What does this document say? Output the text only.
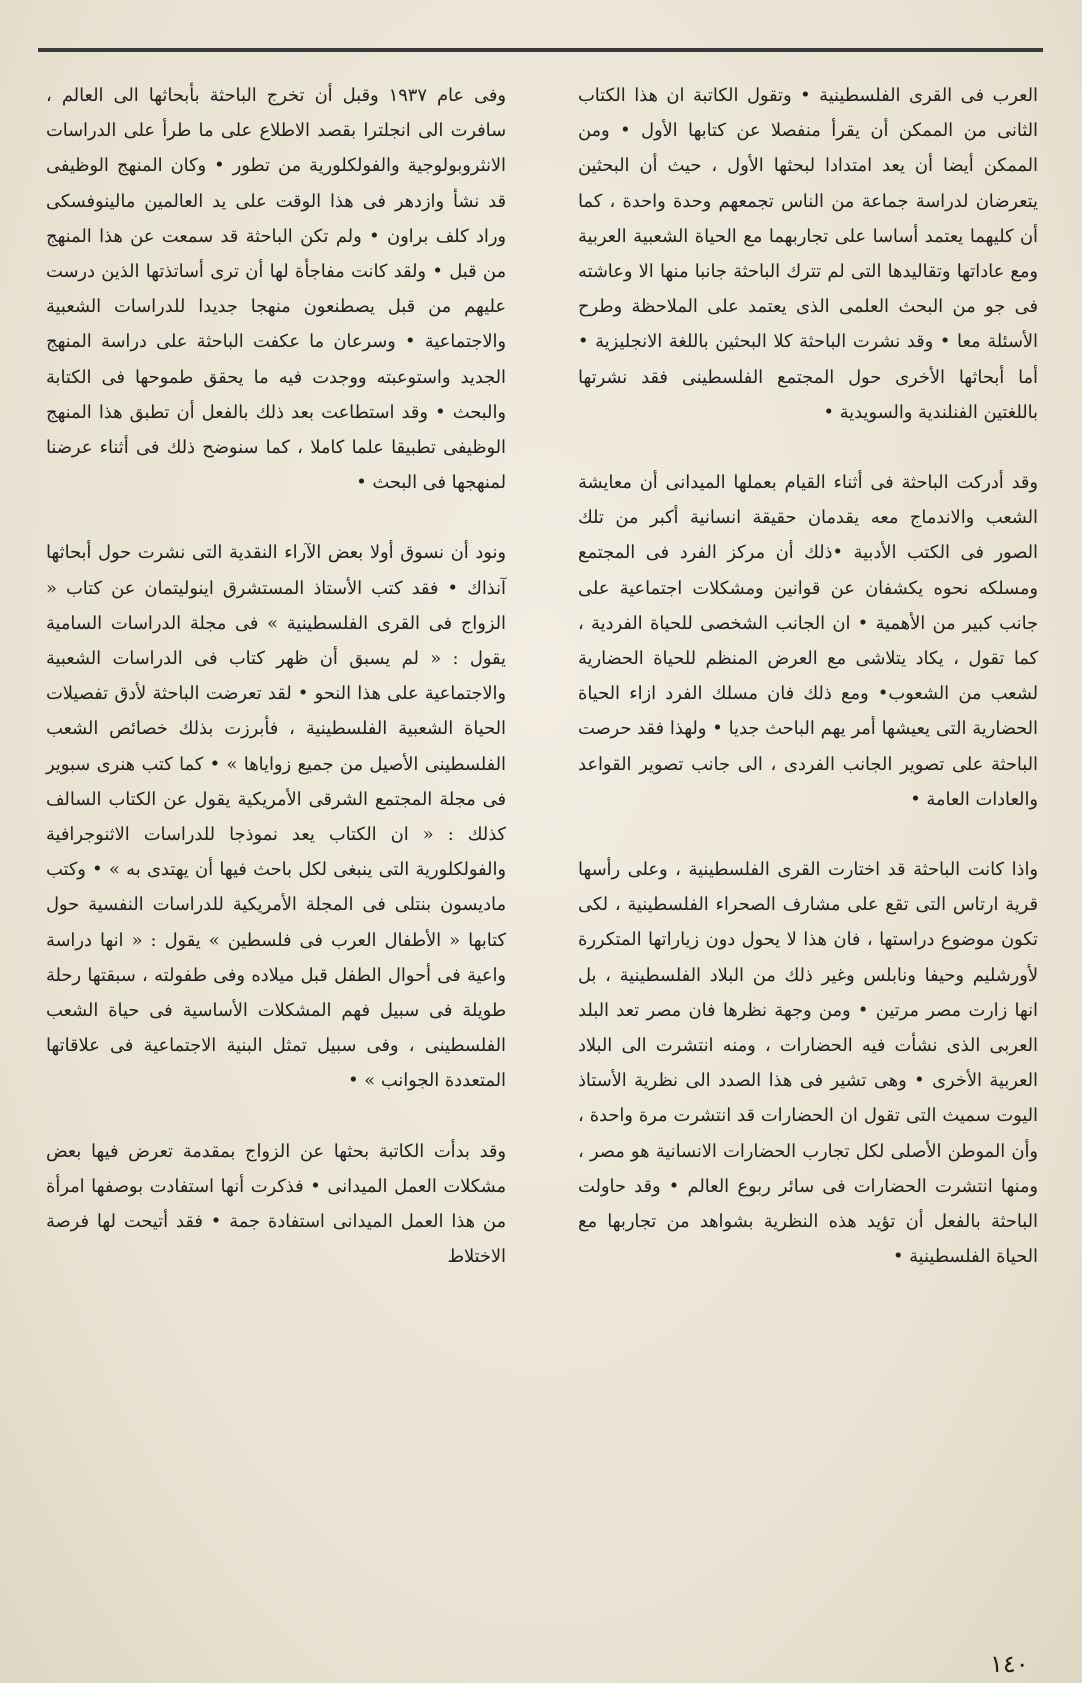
العرب فى القرى الفلسطينية • وتقول الكاتبة ان هذا الكتاب الثانى من الممكن أن يقرأ منفصلا عن كتابها الأول • ومن الممكن أيضا أن يعد امتدادا لبحثها الأول ، حيث أن البحثين يتعرضان لدراسة جماعة من الناس تجمعهم وحدة واحدة ، كما أن كليهما يعتمد أساسا على تجاربهما مع الحياة الشعبية العربية ومع عاداتها وتقاليدها التى لم تترك الباحثة جانبا منها الا وعاشته فى جو من البحث العلمى الذى يعتمد على الملاحظة وطرح الأسئلة معا • وقد نشرت الباحثة كلا البحثين باللغة الانجليزية • أما أبحاثها الأخرى حول المجتمع الفلسطينى فقد نشرتها باللغتين الفنلندية والسويدية •

وقد أدركت الباحثة فى أثناء القيام بعملها الميدانى أن معايشة الشعب والاندماج معه يقدمان حقيقة انسانية أكبر من تلك الصور فى الكتب الأدبية •ذلك أن مركز الفرد فى المجتمع ومسلكه نحوه يكشفان عن قوانين ومشكلات اجتماعية على جانب كبير من الأهمية • ان الجانب الشخصى للحياة الفردية ، كما تقول ، يكاد يتلاشى مع العرض المنظم للحياة الحضارية لشعب من الشعوب• ومع ذلك فان مسلك الفرد ازاء الحياة الحضارية التى يعيشها أمر يهم الباحث جديا • ولهذا فقد حرصت الباحثة على تصوير الجانب الفردى ، الى جانب تصوير القواعد والعادات العامة •

واذا كانت الباحثة قد اختارت القرى الفلسطينية ، وعلى رأسها قرية ارتاس التى تقع على مشارف الصحراء الفلسطينية ، لكى تكون موضوع دراستها ، فان هذا لا يحول دون زياراتها المتكررة لأورشليم وحيفا ونابلس وغير ذلك من البلاد الفلسطينية ، بل انها زارت مصر مرتين • ومن وجهة نظرها فان مصر تعد البلد العربى الذى نشأت فيه الحضارات ، ومنه انتشرت الى البلاد العربية الأخرى • وهى تشير فى هذا الصدد الى نظرية الأستاذ اليوت سميث التى تقول ان الحضارات قد انتشرت مرة واحدة ، وأن الموطن الأصلى لكل تجارب الحضارات الانسانية هو مصر ، ومنها انتشرت الحضارات فى سائر ربوع العالم • وقد حاولت الباحثة بالفعل أن تؤيد هذه النظرية بشواهد من تجاربها مع الحياة الفلسطينية •

وفى عام ١٩٣٧ وقبل أن تخرج الباحثة بأبحاثها الى العالم ، سافرت الى انجلترا بقصد الاطلاع على ما طرأ على الدراسات الانثروبولوجية والفولكلورية من تطور • وكان المنهج الوظيفى قد نشأ وازدهر فى هذا الوقت على يد العالمين مالينوفسكى وراد كلف براون • ولم تكن الباحثة قد سمعت عن هذا المنهج من قبل • ولقد كانت مفاجأة لها أن ترى أساتذتها الذين درست عليهم من قبل يصطنعون منهجا جديدا للدراسات الشعبية والاجتماعية • وسرعان ما عكفت الباحثة على دراسة المنهج الجديد واستوعبته ووجدت فيه ما يحقق طموحها فى الكتابة والبحث • وقد استطاعت بعد ذلك بالفعل أن تطبق هذا المنهج الوظيفى تطبيقا علما كاملا ، كما سنوضح ذلك فى أثناء عرضنا لمنهجها فى البحث •

ونود أن نسوق أولا بعض الآراء النقدية التى نشرت حول أبحاثها آنذاك • فقد كتب الأستاذ المستشرق اينوليتمان عن كتاب « الزواج فى القرى الفلسطينية » فى مجلة الدراسات السامية يقول : « لم يسبق أن ظهر كتاب فى الدراسات الشعبية والاجتماعية على هذا النحو • لقد تعرضت الباحثة لأدق تفصيلات الحياة الشعبية الفلسطينية ، فأبرزت بذلك خصائص الشعب الفلسطينى الأصيل من جميع زواياها » • كما كتب هنرى سبوير فى مجلة المجتمع الشرقى الأمريكية يقول عن الكتاب السالف كذلك : « ان الكتاب يعد نموذجا للدراسات الاثنوجرافية والفولكلورية التى ينبغى لكل باحث فيها أن يهتدى به » • وكتب ماديسون بنتلى فى المجلة الأمريكية للدراسات النفسية حول كتابها « الأطفال العرب فى فلسطين » يقول : « انها دراسة واعية فى أحوال الطفل قبل ميلاده وفى طفولته ، سبقتها رحلة طويلة فى سبيل فهم المشكلات الأساسية فى حياة الشعب الفلسطينى ، وفى سبيل تمثل البنية الاجتماعية فى علاقاتها المتعددة الجوانب » •

وقد بدأت الكاتبة بحثها عن الزواج بمقدمة تعرض فيها بعض مشكلات العمل الميدانى • فذكرت أنها استفادت بوصفها امرأة من هذا العمل الميدانى استفادة جمة • فقد أتيحت لها فرصة الاختلاط

١٤٠
